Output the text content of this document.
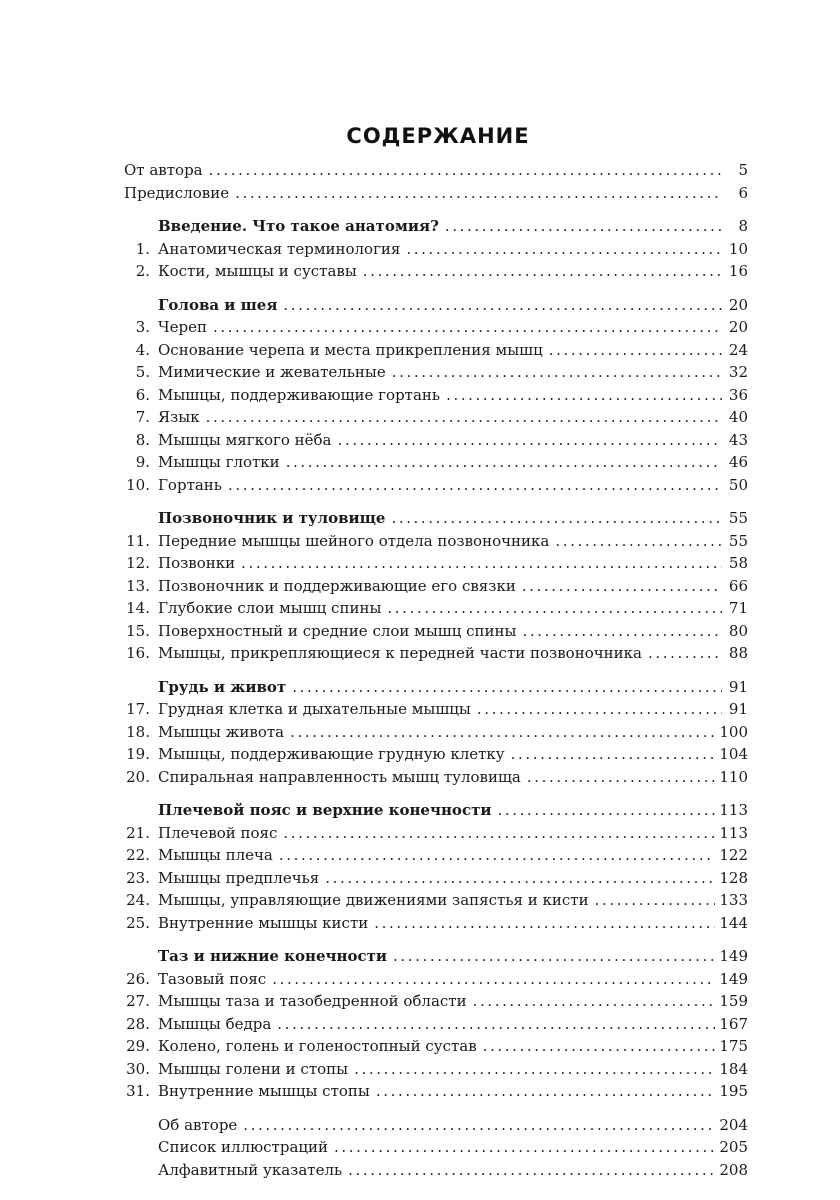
СОДЕРЖАНИЕ
От автора .....	5
Предисловие .....	6
Введение. Что такое анатомия? .....	8
1. Анатомическая терминология .....	10
2. Кости, мышцы и суставы .....	16
Голова и шея .....	20
3. Череп .....	20
4. Основание черепа и места прикрепления мышц .....	24
5. Мимические и жевательные .....	32
6. Мышцы, поддерживающие гортань .....	36
7. Язык .....	40
8. Мышцы мягкого нёба .....	43
9. Мышцы глотки .....	46
10. Гортань .....	50
Позвоночник и туловище .....	55
11. Передние мышцы шейного отдела позвоночника .....	55
12. Позвонки .....	58
13. Позвоночник и поддерживающие его связки .....	66
14. Глубокие слои мышц спины .....	71
15. Поверхностный и средние слои мышц спины .....	80
16. Мышцы, прикрепляющиеся к передней части позвоночника .....	88
Грудь и живот .....	91
17. Грудная клетка и дыхательные мышцы .....	91
18. Мышцы живота .....	100
19. Мышцы, поддерживающие грудную клетку .....	104
20. Спиральная направленность мышц туловища .....	110
Плечевой пояс и верхние конечности .....	113
21. Плечевой пояс .....	113
22. Мышцы плеча .....	122
23. Мышцы предплечья .....	128
24. Мышцы, управляющие движениями запястья и кисти .....	133
25. Внутренние мышцы кисти .....	144
Таз и нижние конечности .....	149
26. Тазовый пояс .....	149
27. Мышцы таза и тазобедренной области .....	159
28. Мышцы бедра .....	167
29. Колено, голень и голеностопный сустав .....	175
30. Мышцы голени и стопы .....	184
31. Внутренние мышцы стопы .....	195
Об авторе .....	204
Список иллюстраций .....	205
Алфавитный указатель .....	208
